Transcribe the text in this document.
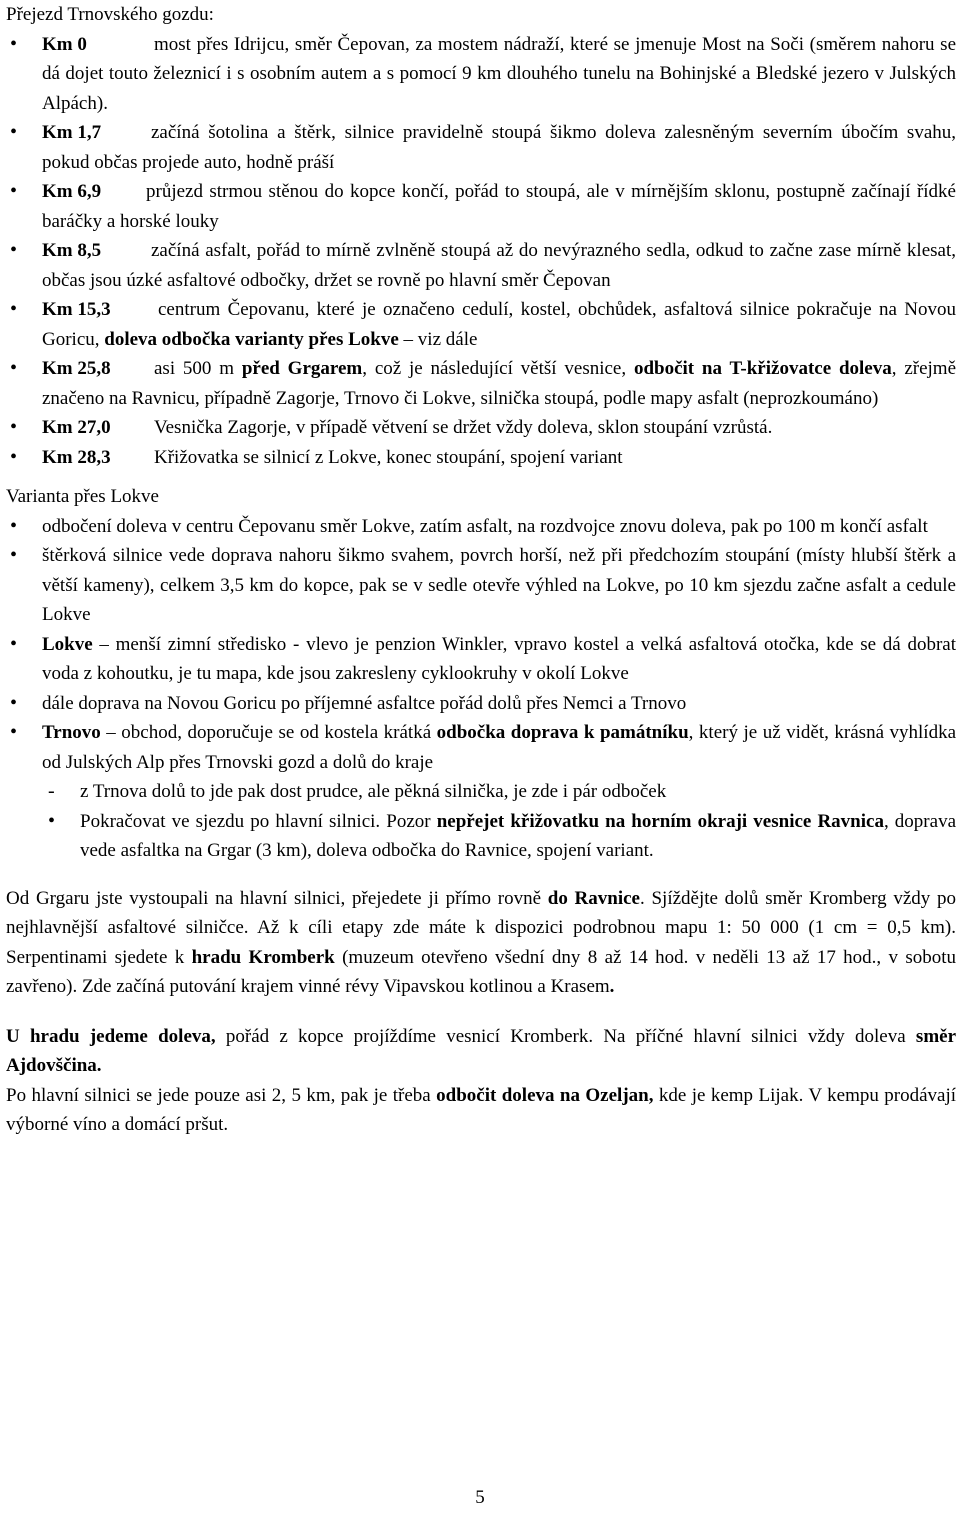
Přejezd Trnovského gozdu:

• Km 0	most přes Idrijcu, směr Čepovan, za mostem nádraží, které se jmenuje Most na Soči (směrem nahoru se dá dojet touto železnicí i s osobním autem a s pomocí 9 km dlouhého tunelu na Bohinjské a Bledské jezero v Julských Alpách).
• Km 1,7	začíná šotolina a štěrk, silnice pravidelně stoupá šikmo doleva zalesněným severním úbočím svahu, pokud občas projede auto, hodně práší
• Km 6,9 průjezd strmou stěnou do kopce končí, pořád to stoupá, ale v mírnějším sklonu, postupně začínají řídké baráčky a horské louky
• Km 8,5	začíná asfalt, pořád to mírně zvlněně stoupá až do nevýrazného sedla, odkud to začne zase mírně klesat, občas jsou úzké asfaltové odbočky, držet se rovně po hlavní směr Čepovan
• Km 15,3 centrum Čepovanu, které je označeno cedulí, kostel, obchůdek, asfaltová silnice pokračuje na Novou Goricu, doleva odbočka varianty přes Lokve – viz dále
• Km 25,8 asi 500 m před Grgarem, což je následující větší vesnice, odbočit na T-křižovatce doleva, zřejmě značeno na Ravnicu, případně Zagorje, Trnovo či Lokve, silnička stoupá, podle mapy asfalt (neprozkoumáno)
• Km 27,0 Vesnička Zagorje, v případě větvení se držet vždy doleva, sklon stoupání vzrůstá.
• Km 28,3 Křižovatka se silnicí z Lokve, konec stoupání, spojení variant

Varianta přes Lokve

• odbočení doleva v centru Čepovanu směr Lokve, zatím asfalt, na rozdvojce znovu doleva, pak po 100 m končí asfalt
• štěrková silnice vede doprava nahoru šikmo svahem, povrch horší, než při předchozím stoupání (místy hlubší štěrk a větší kameny), celkem 3,5 km do kopce, pak se v sedle otevře výhled na Lokve, po 10 km sjezdu začne asfalt a cedule Lokve
• Lokve – menší zimní středisko - vlevo je penzion Winkler, vpravo kostel a velká asfaltová otočka, kde se dá dobrat voda z kohoutku, je tu mapa, kde jsou zakresleny cyklookruhy v okolí Lokve
• dále doprava na Novou Goricu po příjemné asfaltce pořád dolů přes Nemci a Trnovo
• Trnovo – obchod, doporučuje se od kostela krátká odbočka doprava k památníku, který je už vidět, krásná vyhlídka od Julských Alp přes Trnovski gozd a dolů do kraje
- z Trnova dolů to jde pak dost prudce, ale pěkná silnička, je zde i pár odboček
• Pokračovat ve sjezdu po hlavní silnici. Pozor nepřejet křižovatku na horním okraji vesnice Ravnica, doprava vede asfaltka na Grgar (3 km), doleva odbočka do Ravnice, spojení variant.

Od Grgaru jste vystoupali na hlavní silnici, přejedete ji přímo rovně do Ravnice. Sjíždějte dolů směr Kromberg vždy po nejhlavnější asfaltové silničce. Až k cíli etapy zde máte k dispozici podrobnou mapu 1: 50 000 (1 cm = 0,5 km). Serpentinami sjedete k hradu Kromberk (muzeum otevřeno všední dny 8 až 14 hod. v neděli 13 až 17 hod., v sobotu zavřeno). Zde začíná putování krajem vinné révy Vipavskou kotlinou a Krasem.

U hradu jedeme doleva, pořád z kopce projíždíme vesnicí Kromberk. Na příčné hlavní silnici vždy doleva směr Ajdovščina.

Po hlavní silnici se jede pouze asi 2, 5 km, pak je třeba odbočit doleva na Ozeljan, kde je kemp Lijak. V kempu prodávají výborné víno a domácí pršut.

5
